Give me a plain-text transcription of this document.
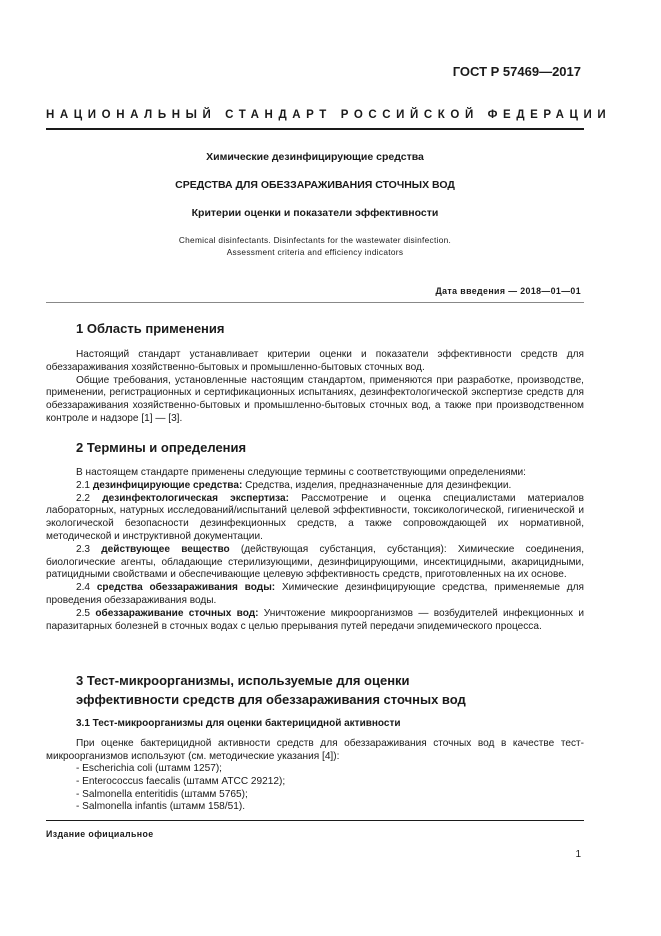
ГОСТ Р 57469—2017
НАЦИОНАЛЬНЫЙ СТАНДАРТ РОССИЙСКОЙ ФЕДЕРАЦИИ
Химические дезинфицирующие средства
СРЕДСТВА ДЛЯ ОБЕЗЗАРАЖИВАНИЯ СТОЧНЫХ ВОД
Критерии оценки и показатели эффективности
Chemical disinfectants. Disinfectants for the wastewater disinfection.
Assessment criteria and efficiency indicators
Дата введения — 2018—01—01
1 Область применения

Настоящий стандарт устанавливает критерии оценки и показатели эффективности средств для обеззараживания хозяйственно-бытовых и промышленно-бытовых сточных вод.

Общие требования, установленные настоящим стандартом, применяются при разработке, производстве, применении, регистрационных и сертификационных испытаниях, дезинфектологической экспертизе средств для обеззараживания хозяйственно-бытовых и промышленно-бытовых сточных вод, а также при производственном контроле и надзоре [1] — [3].

2 Термины и определения

В настоящем стандарте применены следующие термины с соответствующими определениями:

2.1 дезинфицирующие средства: Средства, изделия, предназначенные для дезинфекции.

2.2 дезинфектологическая экспертиза: Рассмотрение и оценка специалистами материалов лабораторных, натурных исследований/испытаний целевой эффективности, токсикологической, гигиенической и экологической безопасности дезинфекционных средств, а также сопровождающей их нормативной, методической и инструктивной документации.

2.3 действующее вещество (действующая субстанция, субстанция): Химические соединения, биологические агенты, обладающие стерилизующими, дезинфицирующими, инсектицидными, акарицидными, ратицидными свойствами и обеспечивающие целевую эффективность средств, приготовленных на их основе.

2.4 средства обеззараживания воды: Химические дезинфицирующие средства, применяемые для проведения обеззараживания воды.

2.5 обеззараживание сточных вод: Уничтожение микроорганизмов — возбудителей инфекционных и паразитарных болезней в сточных водах с целью прерывания путей передачи эпидемического процесса.

3 Тест-микроорганизмы, используемые для оценки
эффективности средств для обеззараживания сточных вод
3.1 Тест-микроорганизмы для оценки бактерицидной активности

При оценке бактерицидной активности средств для обеззараживания сточных вод в качестве тест-микроорганизмов используют (см. методические указания [4]):

- Escherichia coli (штамм 1257);
- Enterococcus faecalis (штамм АТСС 29212);
- Salmonella enteritidis (штамм 5765);
- Salmonella infantis (штамм 158/51).
Издание официальное
1
